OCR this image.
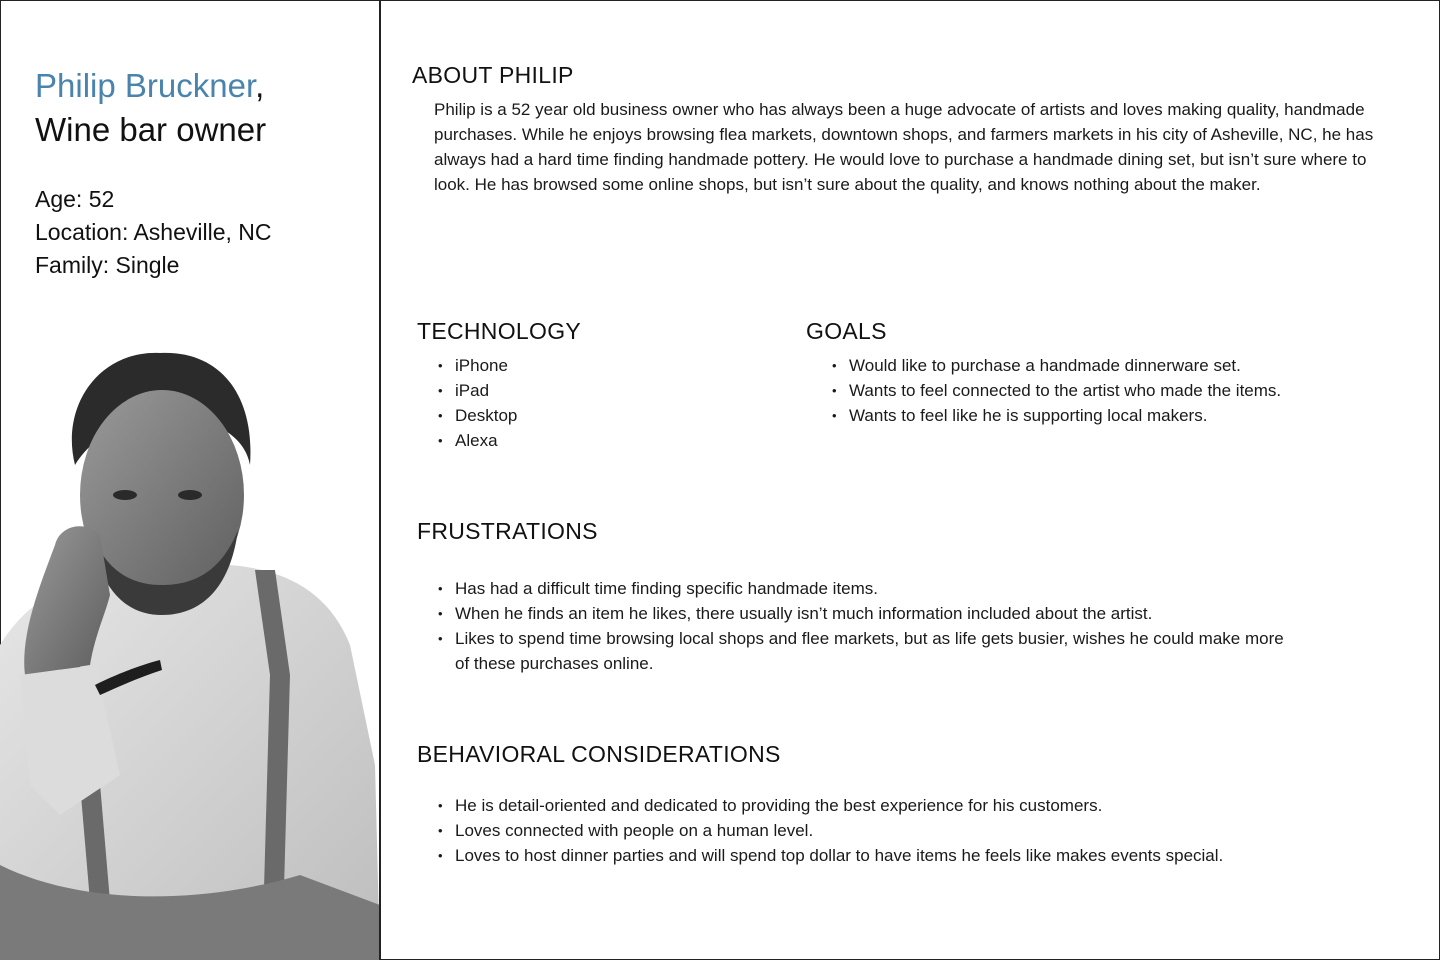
Philip Bruckner,

Wine bar owner

Age: 52
Location: Asheville, NC
Family: Single
ABOUT PHILIP

Philip is a 52 year old business owner who has always been a huge advocate of artists and loves making quality, handmade purchases. While he enjoys browsing flea markets, downtown shops, and farmers markets in his city of Asheville, NC, he has always had a hard time finding handmade pottery. He would love to purchase a handmade dining set, but isn’t sure where to look. He has browsed some online shops, but isn’t sure about the quality, and knows nothing about the maker.

TECHNOLOGY
• iPhone
• iPad
• Desktop
• Alexa
GOALS
• Would like to purchase a handmade dinnerware set.
• Wants to feel connected to the artist who made the items.
• Wants to feel like he is supporting local makers.
FRUSTRATIONS
• Has had a difficult time finding specific handmade items.
• When he finds an item he likes, there usually isn’t much information included about the artist.
• Likes to spend time browsing local shops and flee markets, but as life gets busier, wishes he could make more of these purchases online.
BEHAVIORAL CONSIDERATIONS
• He is detail-oriented and dedicated to providing the best experience for his customers.
• Loves connected with people on a human level.
• Loves to host dinner parties and will spend top dollar to have items he feels like makes events special.
